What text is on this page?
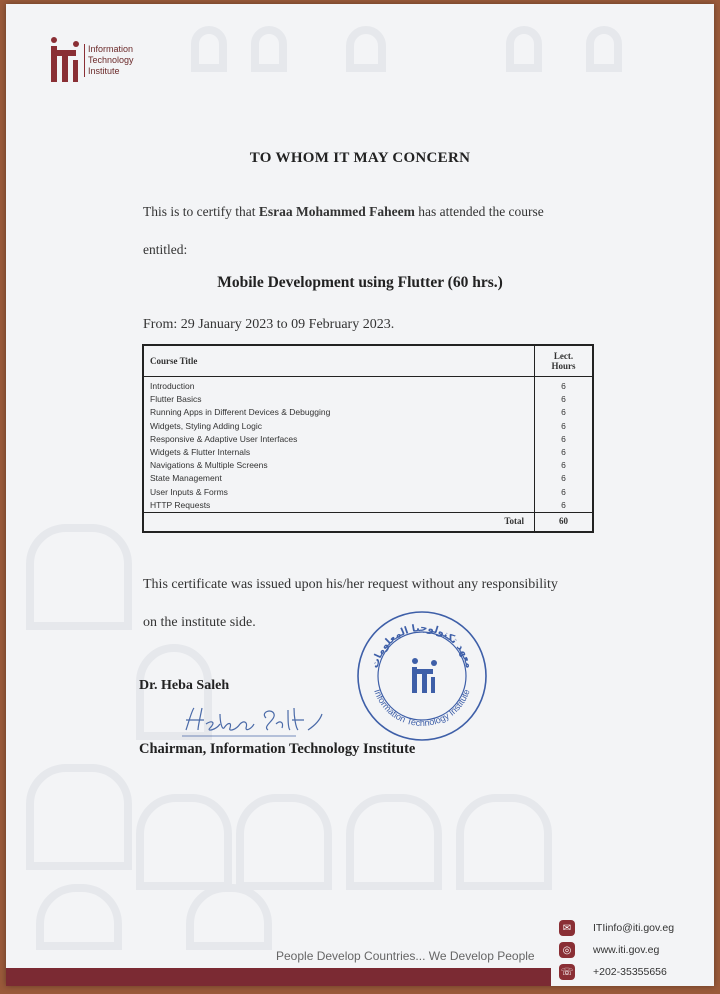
Information
Technology
Institute
TO WHOM IT MAY CONCERN
This is to certify that Esraa Mohammed Faheem has attended the course
entitled:
Mobile Development using Flutter (60 hrs.)
From: 29 January 2023 to 09 February 2023.
Course Title	Lect.
Hours

Introduction	6
Flutter Basics	6
Running Apps in Different Devices & Debugging	6
Widgets, Styling Adding Logic	6
Responsive & Adaptive User Interfaces	6
Widgets & Flutter Internals	6
Navigations & Multiple Screens	6
State Management	6
User Inputs & Forms	6
HTTP Requests	6
Total	60
This certificate was issued upon his/her request without any responsibility
on the institute side.
Dr. Heba Saleh
Chairman, Information Technology Institute
Information Technology Institute
معهد تكنولوجيا المعلومات
People Develop Countries... We Develop People
✉	ITIinfo@iti.gov.eg
◎	www.iti.gov.eg
☏ +202-35355656
